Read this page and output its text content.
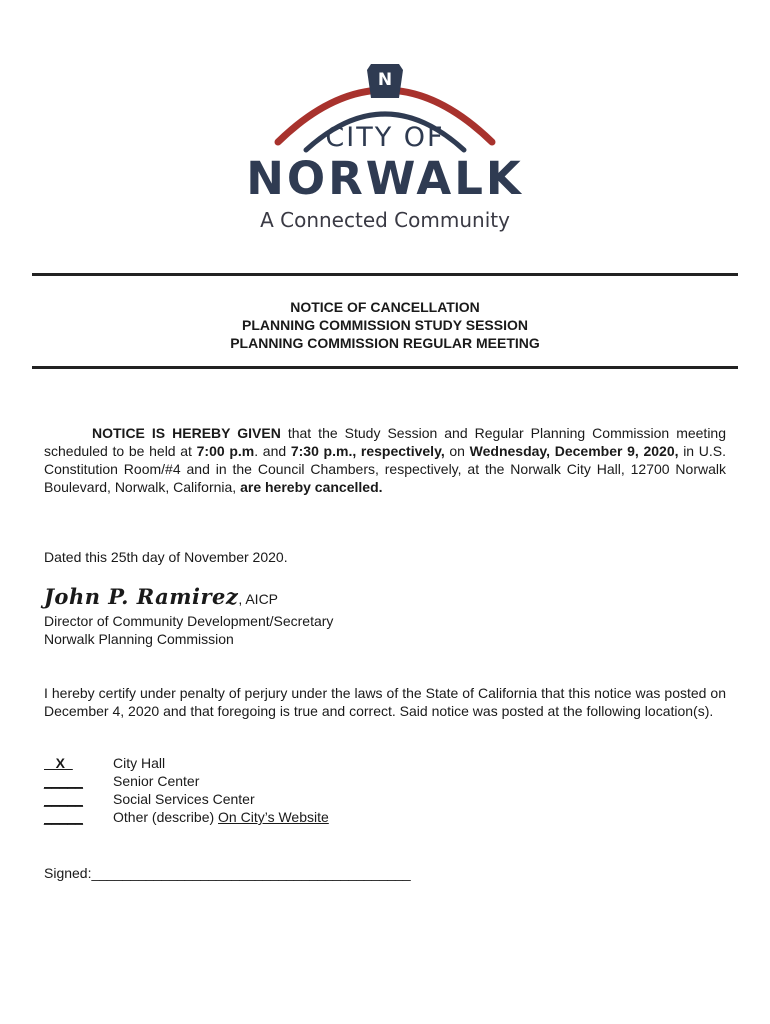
N
CITY OF
NORWALK
A Connected Community
NOTICE OF CANCELLATION
PLANNING COMMISSION STUDY SESSION
PLANNING COMMISSION REGULAR MEETING
NOTICE IS HEREBY GIVEN that the Study Session and Regular Planning Commission meeting scheduled to be held at 7:00 p.m. and 7:30 p.m., respectively, on Wednesday, December 9, 2020, in U.S. Constitution Room/#4 and in the Council Chambers, respectively, at the Norwalk City Hall, 12700 Norwalk Boulevard, Norwalk, California, are hereby cancelled.
Dated this 25th day of November 2020.
John P. Ramirez, AICP
Director of Community Development/Secretary
Norwalk Planning Commission
I hereby certify under penalty of perjury under the laws of the State of California that this notice was posted on December 4, 2020 and that foregoing is true and correct. Said notice was posted at the following location(s).
X	City Hall
_____	Senior Center
_____	Social Services Center
_____	Other (describe) On City’s Website
Signed:_________________________________________
